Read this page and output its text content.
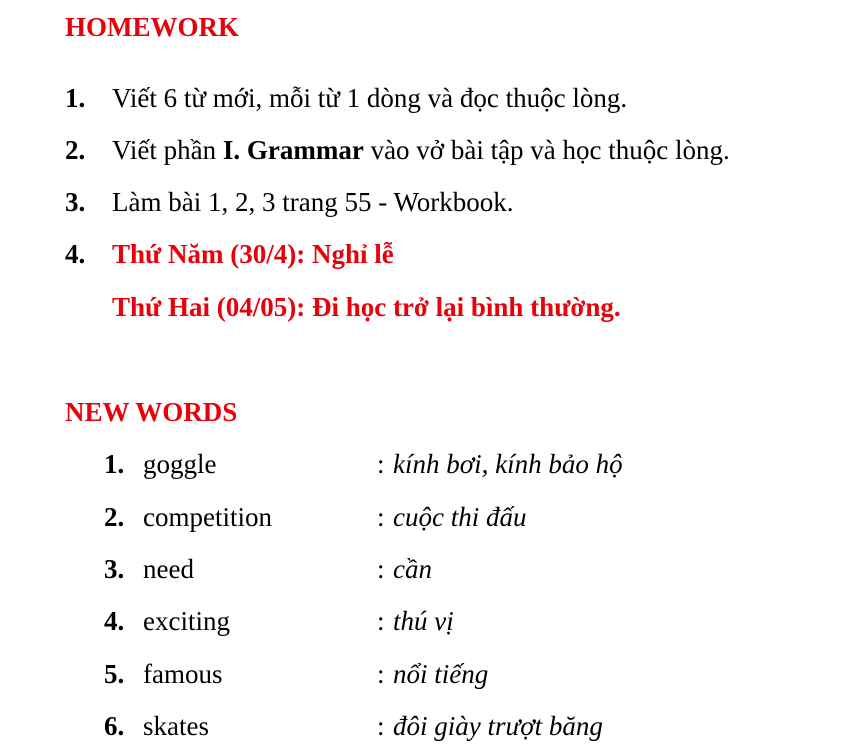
HOMEWORK
1. Viết 6 từ mới, mỗi từ 1 dòng và đọc thuộc lòng.
2. Viết phần I. Grammar vào vở bài tập và học thuộc lòng.
3. Làm bài 1, 2, 3 trang 55 - Workbook.
4. Thứ Năm (30/4): Nghỉ lễ
Thứ Hai (04/05): Đi học trở lại bình thường.
NEW WORDS
1. goggle	: kính bơi, kính bảo hộ
2. competition	: cuộc thi đấu
3. need	: cần
4. exciting	: thú vị
5. famous	: nổi tiếng
6. skates	: đôi giày trượt băng
